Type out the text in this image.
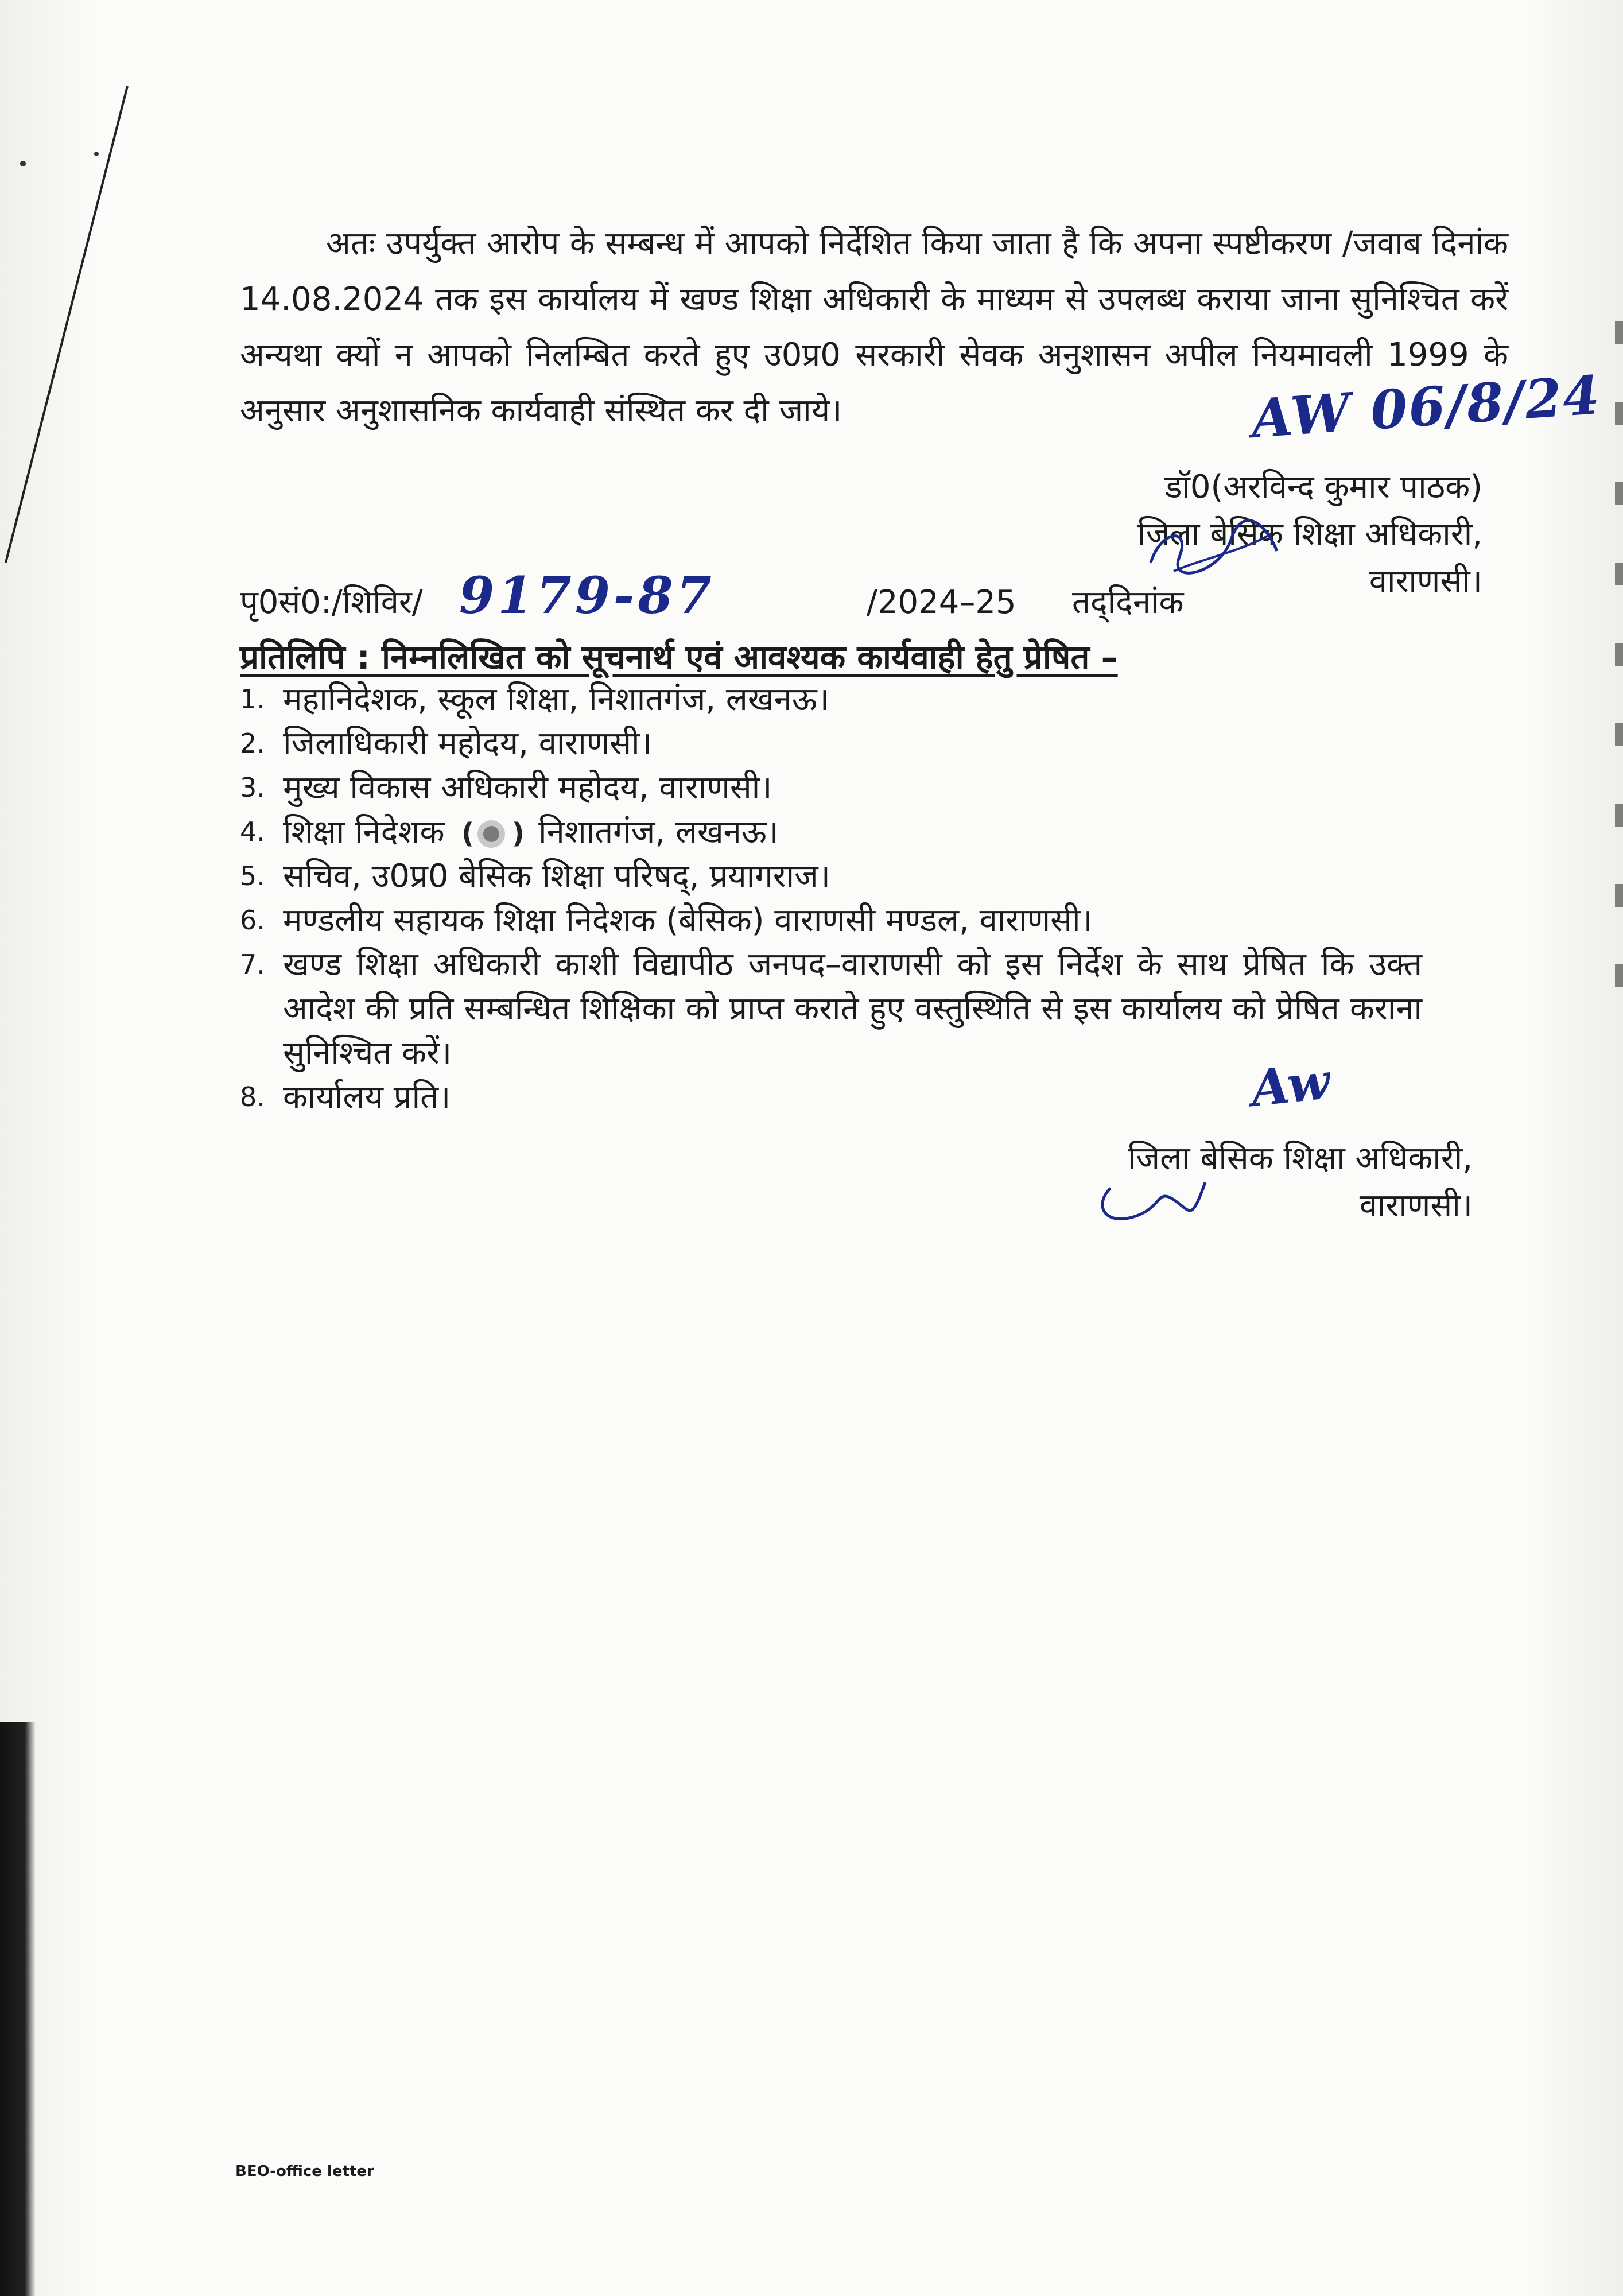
अतः उपर्युक्त आरोप के सम्बन्ध में आपको निर्देशित किया जाता है कि अपना स्पष्टीकरण /जवाब दिनांक 14.08.2024 तक इस कार्यालय में खण्ड शिक्षा अधिकारी के माध्यम से उपलब्ध कराया जाना सुनिश्चित करें अन्यथा क्यों न आपको निलम्बित करते हुए उ0प्र0 सरकारी सेवक अनुशासन अपील नियमावली 1999 के अनुसार अनुशासनिक कार्यवाही संस्थित कर दी जाये।	AW 06/8/24
डॉ0(अरविन्द कुमार पाठक)
जिला बेसिक शिक्षा अधिकारी,
वाराणसी।
पृ0सं0:/शिविर/	/2024–25 तद्‌दिनांक
9179-87
प्रतिलिपि : निम्नलिखित को सूचनार्थ एवं आवश्यक कार्यवाही हेतु प्रेषित –
1. महानिदेशक, स्कूल शिक्षा, निशातगंज, लखनऊ।
2. जिलाधिकारी महोदय, वाराणसी।
3. मुख्य विकास अधिकारी महोदय, वाराणसी।
4. शिक्षा निदेशक ( ) निशातगंज, लखनऊ।
5. सचिव, उ0प्र0 बेसिक शिक्षा परिषद्, प्रयागराज।
6. मण्डलीय सहायक शिक्षा निदेशक (बेसिक) वाराणसी मण्डल, वाराणसी।
7. खण्ड शिक्षा अधिकारी काशी विद्यापीठ जनपद–वाराणसी को इस निर्देश के साथ प्रेषित कि उक्त आदेश की प्रति सम्बन्धित शिक्षिका को प्राप्त कराते हुए वस्तुस्थिति से इस कार्यालय को प्रेषित कराना सुनिश्चित करें।
8. कार्यालय प्रति।	Aw
जिला बेसिक शिक्षा अधिकारी,
वाराणसी।
BEO-office letter
